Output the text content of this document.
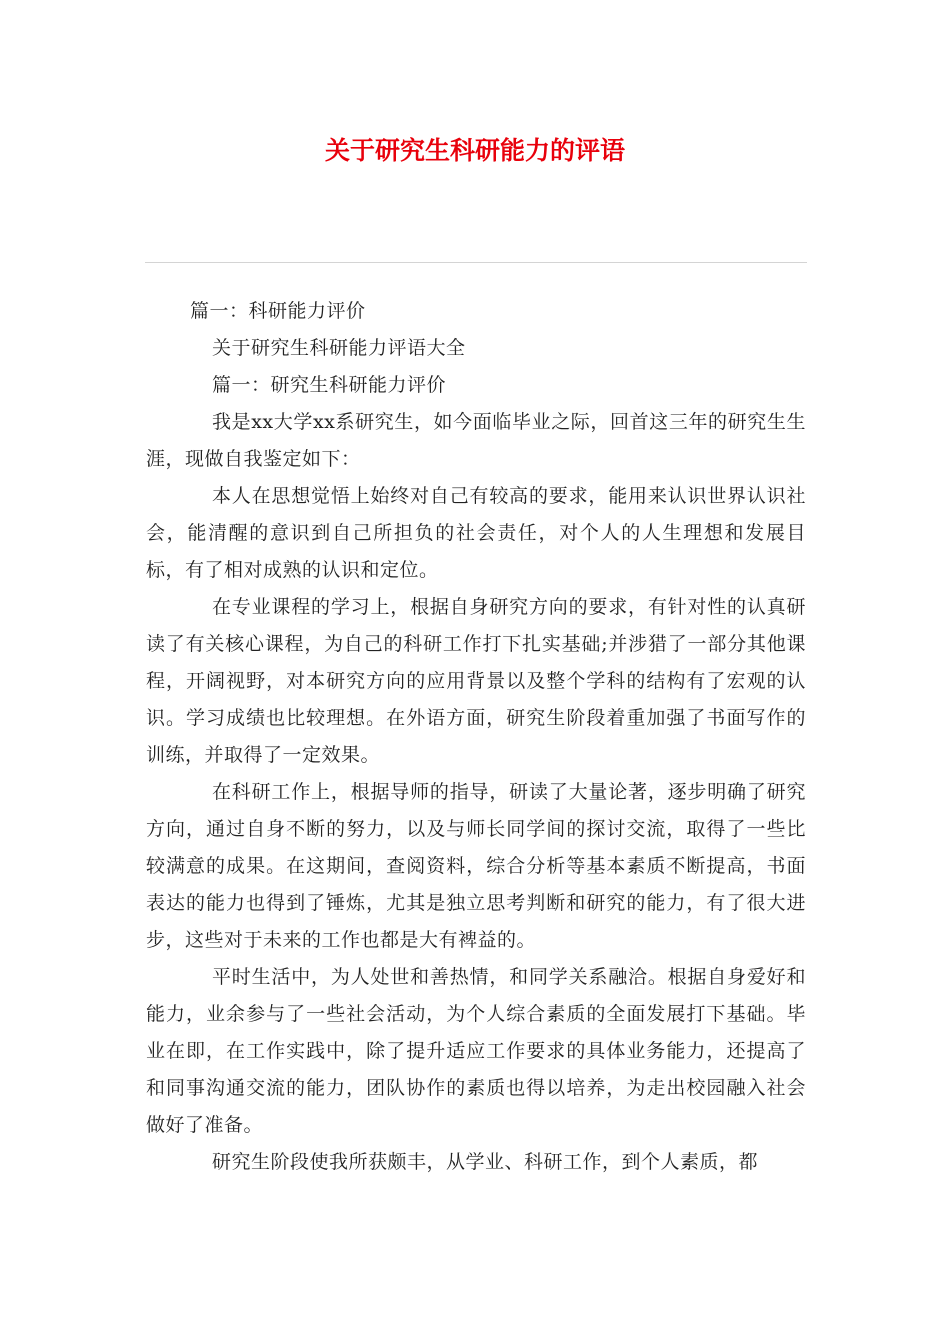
关于研究生科研能力的评语

篇一：科研能力评价

关于研究生科研能力评语大全

篇一：研究生科研能力评价

我是xx大学xx系研究生，如今面临毕业之际，回首这三年的研究生生涯，现做自我鉴定如下：

本人在思想觉悟上始终对自己有较高的要求，能用来认识世界认识社会，能清醒的意识到自己所担负的社会责任，对个人的人生理想和发展目标，有了相对成熟的认识和定位。

在专业课程的学习上，根据自身研究方向的要求，有针对性的认真研读了有关核心课程，为自己的科研工作打下扎实基础;并涉猎了一部分其他课程，开阔视野，对本研究方向的应用背景以及整个学科的结构有了宏观的认识。学习成绩也比较理想。在外语方面，研究生阶段着重加强了书面写作的训练，并取得了一定效果。

在科研工作上，根据导师的指导，研读了大量论著，逐步明确了研究方向，通过自身不断的努力，以及与师长同学间的探讨交流，取得了一些比较满意的成果。在这期间，查阅资料，综合分析等基本素质不断提高，书面表达的能力也得到了锤炼，尤其是独立思考判断和研究的能力，有了很大进步，这些对于未来的工作也都是大有裨益的。

平时生活中，为人处世和善热情，和同学关系融洽。根据自身爱好和能力，业余参与了一些社会活动，为个人综合素质的全面发展打下基础。毕业在即，在工作实践中，除了提升适应工作要求的具体业务能力，还提高了和同事沟通交流的能力，团队协作的素质也得以培养，为走出校园融入社会做好了准备。

研究生阶段使我所获颇丰，从学业、科研工作，到个人素质，都
